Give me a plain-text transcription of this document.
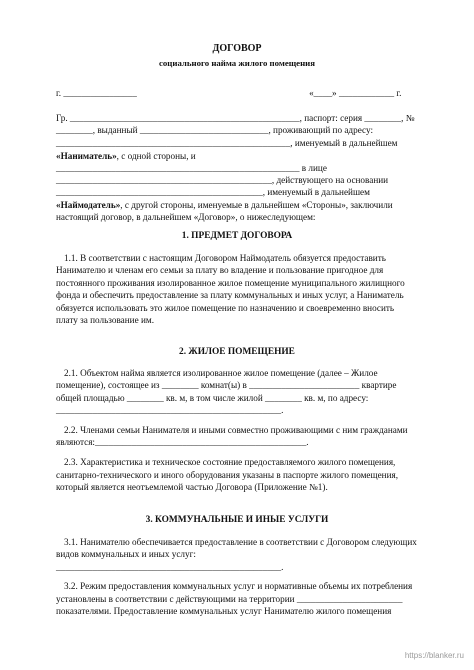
ДОГОВОР
социального найма жилого помещения
г. ________________                                                                           «____» ____________ г.
Гр. __________________________________________________, паспорт: серия ________, №
________, выданный ____________________________, проживающий по адресу:
___________________________________________________, именуемый в дальнейшем
«Наниматель», с одной стороны, и
_____________________________________________________ в лице
_______________________________________________, действующего на основании
_____________________________________________, именуемый в дальнейшем
«Наймодатель», с другой стороны, именуемые в дальнейшем «Стороны», заключили
настоящий договор, в дальнейшем «Договор», о нижеследующем:
1. ПРЕДМЕТ ДОГОВОРА
1.1. В соответствии с настоящим Договором Наймодатель обязуется предоставить
Нанимателю и членам его семьи за плату во владение и пользование пригодное для
постоянного проживания изолированное жилое помещение муниципального жилищного
фонда и обеспечить предоставление за плату коммунальных и иных услуг, а Наниматель
обязуется использовать это жилое помещение по назначению и своевременно вносить
плату за пользование им.
2. ЖИЛОЕ ПОМЕЩЕНИЕ
2.1. Объектом найма является изолированное жилое помещение (далее – Жилое
помещение), состоящее из ________ комнат(ы) в ________________________ квартире
общей площадью ________ кв. м, в том числе жилой ________ кв. м, по адресу:
_________________________________________________.
2.2. Членами семьи Нанимателя и иными совместно проживающими с ним гражданами
являются:______________________________________________.
2.3. Характеристика и техническое состояние предоставляемого жилого помещения,
санитарно-технического и иного оборудования указаны в паспорте жилого помещения,
который является неотъемлемой частью Договора (Приложение №1).
3. КОММУНАЛЬНЫЕ И ИНЫЕ УСЛУГИ
3.1. Нанимателю обеспечивается предоставление в соответствии с Договором следующих
видов коммунальных и иных услуг:
_________________________________________________.
3.2. Режим предоставления коммунальных услуг и нормативные объемы их потребления
установлены в соответствии с действующими на территории _______________________
показателями. Предоставление коммунальных услуг Нанимателю жилого помещения
https://blanker.ru
